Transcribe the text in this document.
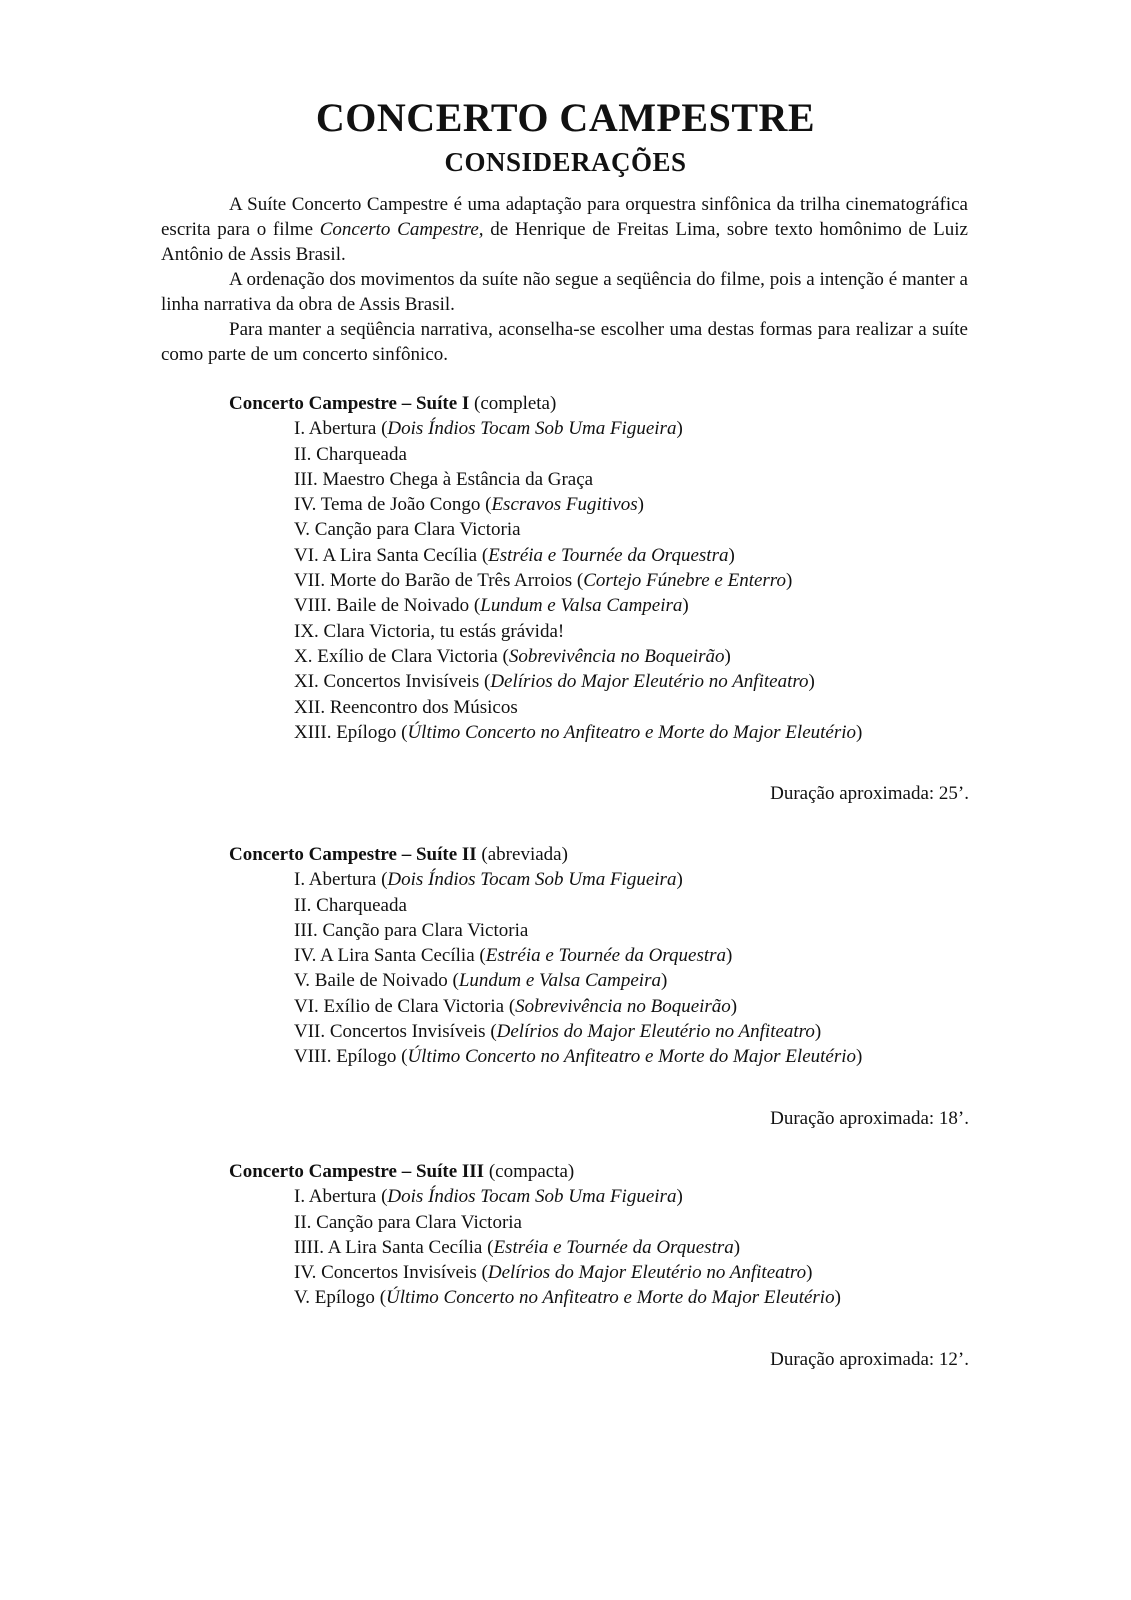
CONCERTO CAMPESTRE
CONSIDERAÇÕES

A Suíte Concerto Campestre é uma adaptação para orquestra sinfônica da trilha cinematográfica escrita para o filme Concerto Campestre, de Henrique de Freitas Lima, sobre texto homônimo de Luiz Antônio de Assis Brasil.

A ordenação dos movimentos da suíte não segue a seqüência do filme, pois a intenção é manter a linha narrativa da obra de Assis Brasil.

Para manter a seqüência narrativa, aconselha-se escolher uma destas formas para realizar a suíte como parte de um concerto sinfônico.

Concerto Campestre – Suíte I (completa)

I. Abertura (Dois Índios Tocam Sob Uma Figueira)
II. Charqueada
III. Maestro Chega à Estância da Graça
IV. Tema de João Congo (Escravos Fugitivos)
V. Canção para Clara Victoria
VI. A Lira Santa Cecília (Estréia e Tournée da Orquestra)
VII. Morte do Barão de Três Arroios (Cortejo Fúnebre e Enterro)
VIII. Baile de Noivado (Lundum e Valsa Campeira)
IX. Clara Victoria, tu estás grávida!
X. Exílio de Clara Victoria (Sobrevivência no Boqueirão)
XI. Concertos Invisíveis (Delírios do Major Eleutério no Anfiteatro)
XII. Reencontro dos Músicos
XIII. Epílogo (Último Concerto no Anfiteatro e Morte do Major Eleutério)

Duração aproximada: 25’.

Concerto Campestre – Suíte II (abreviada)

I. Abertura (Dois Índios Tocam Sob Uma Figueira)
II. Charqueada
III. Canção para Clara Victoria
IV. A Lira Santa Cecília (Estréia e Tournée da Orquestra)
V. Baile de Noivado (Lundum e Valsa Campeira)
VI. Exílio de Clara Victoria (Sobrevivência no Boqueirão)
VII. Concertos Invisíveis (Delírios do Major Eleutério no Anfiteatro)
VIII. Epílogo (Último Concerto no Anfiteatro e Morte do Major Eleutério)

Duração aproximada: 18’.

Concerto Campestre – Suíte III (compacta)

I. Abertura (Dois Índios Tocam Sob Uma Figueira)
II. Canção para Clara Victoria
IIII. A Lira Santa Cecília (Estréia e Tournée da Orquestra)
IV. Concertos Invisíveis (Delírios do Major Eleutério no Anfiteatro)
V. Epílogo (Último Concerto no Anfiteatro e Morte do Major Eleutério)

Duração aproximada: 12’.
